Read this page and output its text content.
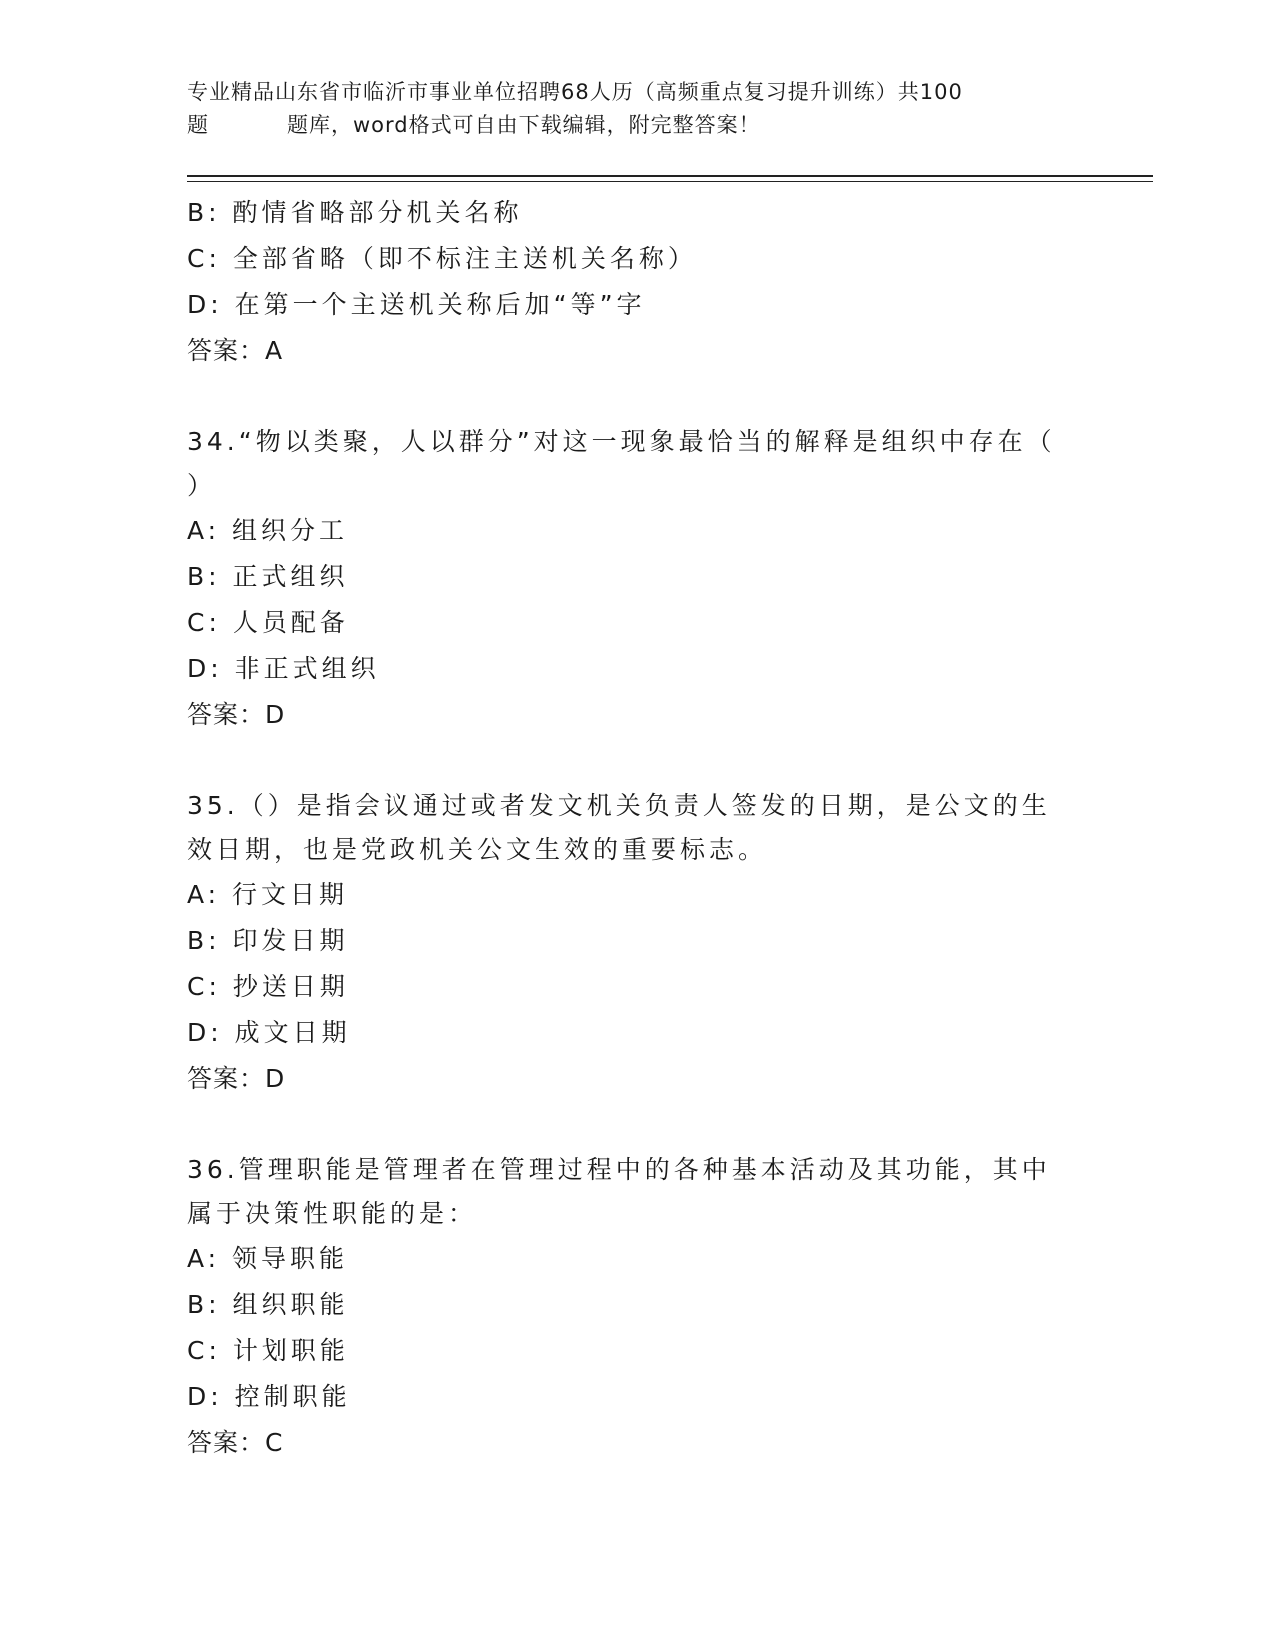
专业精品山东省市临沂市事业单位招聘68人历（高频重点复习提升训练）共100
题	题库，word格式可自由下载编辑，附完整答案！
B: 酌情省略部分机关名称
C: 全部省略（即不标注主送机关名称）
D: 在第一个主送机关称后加“等”字
答案：A
34.“物以类聚，人以群分”对这一现象最恰当的解释是组织中存在（ ）
A: 组织分工
B: 正式组织
C: 人员配备
D: 非正式组织
答案：D
35.（）是指会议通过或者发文机关负责人签发的日期，是公文的生效日期，也是党政机关公文生效的重要标志。
A: 行文日期
B: 印发日期
C: 抄送日期
D: 成文日期
答案：D
36.管理职能是管理者在管理过程中的各种基本活动及其功能，其中属于决策性职能的是：
A: 领导职能
B: 组织职能
C: 计划职能
D: 控制职能
答案：C
